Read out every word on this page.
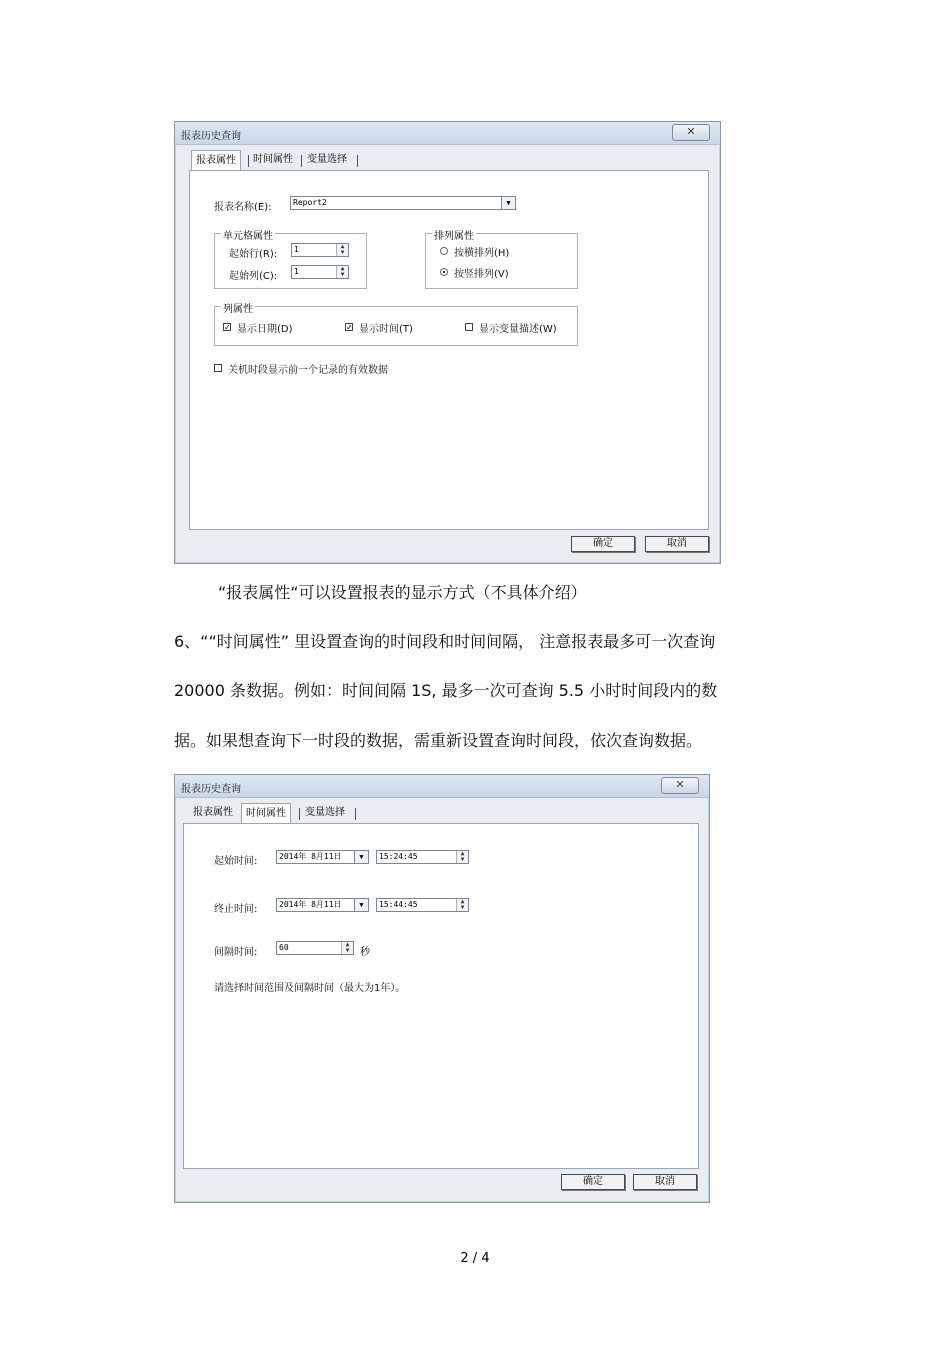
报表历史查询	✕
报表属性	时间属性	变量选择
报表名称(E):	Report2	▼
单元格属性
起始行(R):	1	▲
▼
起始列(C):	1	▲
▼
排列属性
按横排列(H)
按竖排列(V)
列属性
✓ 显示日期(D)	✓ 显示时间(T)	显示变量描述(W)
关机时段显示前一个记录的有效数据
确定	取消
“报表属性“可以设置报表的显示方式（不具体介绍）
6、““时间属性” 里设置查询的时间段和时间间隔， 注意报表最多可一次查询
20000 条数据。例如：时间间隔 1S, 最多一次可查询 5.5 小时时间段内的数
据。如果想查询下一时段的数据，需重新设置查询时间段，依次查询数据。
报表历史查询	✕
报表属性	时间属性	变量选择
起始时间:	2014年 8月11日	▼	15:24:45	▲
▼
终止时间:	2014年 8月11日	▼	15:44:45	▲
▼
间隔时间:	60	▲
▼	秒
请选择时间范围及间隔时间（最大为1年）。
确定	取消
2 / 4
